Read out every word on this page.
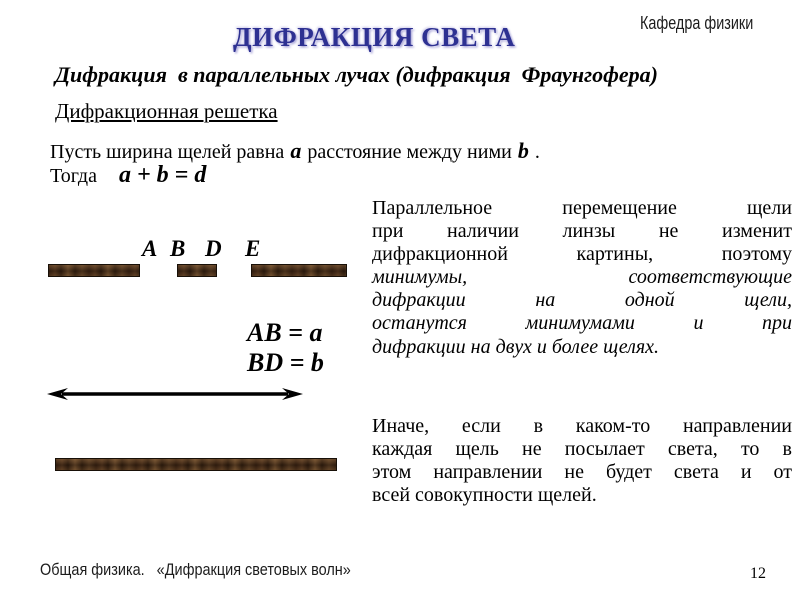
Кафедра физики
ДИФРАКЦИЯ СВЕТА
Дифракция  в параллельных лучах (дифракция  Фраунгофера)
Дифракционная решетка
Пусть ширина щелей равна a расстояние между ними b .
Тогда a + b = d
A B D E
AB = a
BD = b
Параллельное перемещение щели
при наличии линзы не изменит
дифракционной картины, поэтому
минимумы, соответствующие
дифракции на одной щели,
останутся минимумами и при
дифракции на двух и более щелях.
Иначе, если в каком-то направлении
каждая щель не посылает света, то в
этом направлении не будет света и от
всей совокупности щелей.
Общая физика.   «Дифракция световых волн»	12
